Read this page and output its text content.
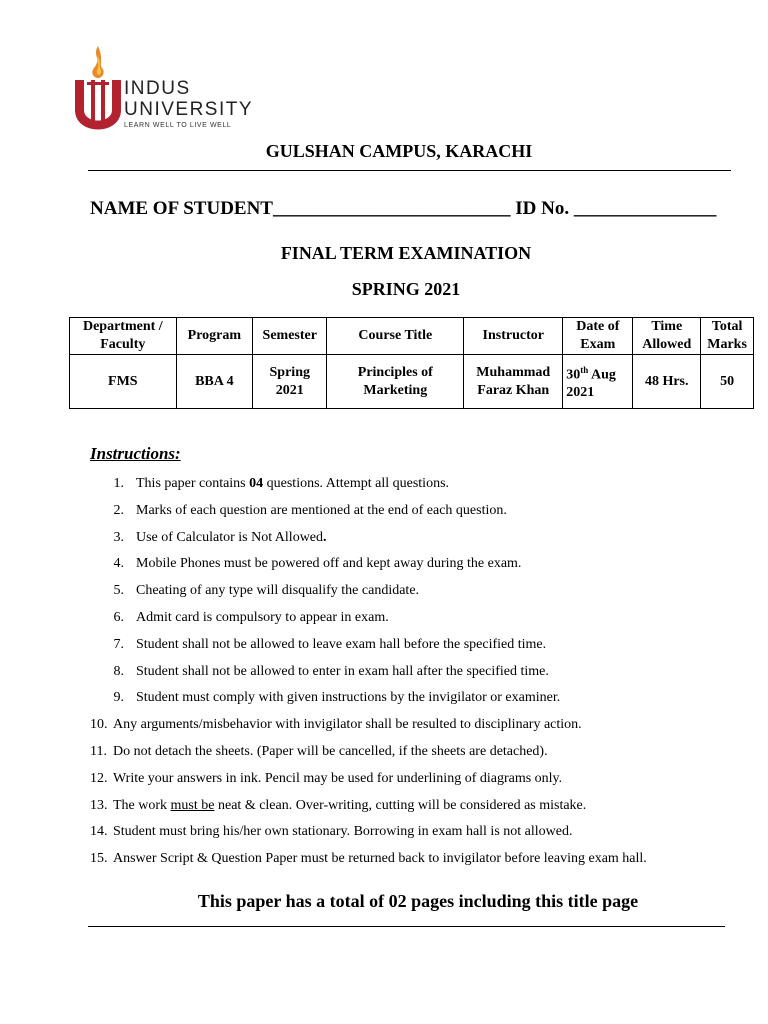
INDUS
UNIVERSITY
LEARN WELL TO LIVE WELL
GULSHAN CAMPUS, KARACHI
NAME OF STUDENT_________________________ ID No. _______________
FINAL TERM EXAMINATION
SPRING 2021
Department / Faculty	Program	Semester	Course Title	Instructor	Date of Exam	Time Allowed	Total Marks
FMS	BBA 4	Spring 2021	Principles of Marketing	Muhammad Faraz Khan	30th Aug 2021	48 Hrs.	50
Instructions:
1. This paper contains 04 questions. Attempt all questions.
2. Marks of each question are mentioned at the end of each question.
3. Use of Calculator is Not Allowed.
4. Mobile Phones must be powered off and kept away during the exam.
5. Cheating of any type will disqualify the candidate.
6. Admit card is compulsory to appear in exam.
7. Student shall not be allowed to leave exam hall before the specified time.
8. Student shall not be allowed to enter in exam hall after the specified time.
9. Student must comply with given instructions by the invigilator or examiner.
10. Any arguments/misbehavior with invigilator shall be resulted to disciplinary action.
11. Do not detach the sheets. (Paper will be cancelled, if the sheets are detached).
12. Write your answers in ink. Pencil may be used for underlining of diagrams only.
13. The work must be neat & clean. Over-writing, cutting will be considered as mistake.
14. Student must bring his/her own stationary. Borrowing in exam hall is not allowed.
15. Answer Script & Question Paper must be returned back to invigilator before leaving exam hall.
This paper has a total of 02 pages including this title page
